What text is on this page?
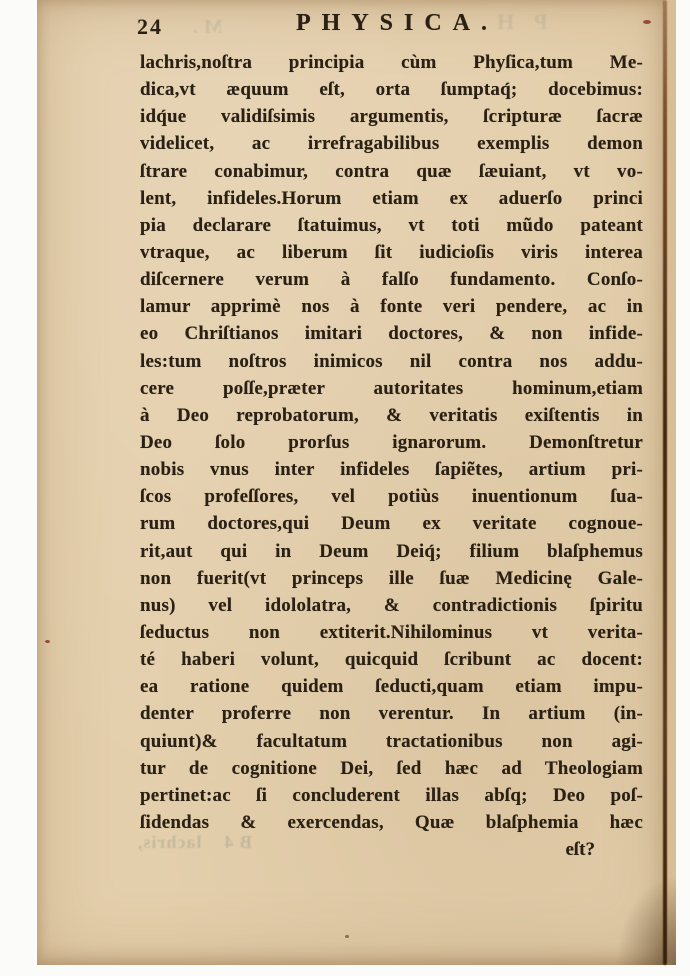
24 M.	PHYSICA.
PH
lachris,noſtra principia cùm Phyſica,tum Me-
dica,vt æquum eſt, orta ſumptaq́; docebimus:
idq́ue validiſsimis argumentis, ſcripturæ ſacræ
videlicet, ac irrefragabilibus exemplis demon
ſtrare conabimur, contra quæ ſæuiant, vt vo-
lent, infideles.Horum etiam ex aduerſo princi
pia declarare ſtatuimus, vt toti mũdo pateant
vtraque, ac liberum ſit iudicioſis viris interea
diſcernere verum à falſo fundamento. Conſo-
lamur apprimè nos à fonte veri pendere, ac in
eo Chriſtianos imitari doctores, & non infide-
les:tum noſtros inimicos nil contra nos addu-
cere poſſe,præter autoritates hominum,etiam
à Deo reprobatorum, & veritatis exiſtentis in
Deo ſolo prorſus ignarorum. Demonſtretur
nobis vnus inter infideles ſapiẽtes, artium pri-
ſcos profeſſores, vel potiùs inuentionum ſua-
rum doctores,qui Deum ex veritate cognoue-
rit,aut qui in Deum Deiq́; filium blaſphemus
non fuerit(vt princeps ille ſuæ Medicinę Gale-
nus) vel idololatra, & contradictionis ſpiritu
ſeductus non extiterit.Nihilominus vt verita-
té haberi volunt, quicquid ſcribunt ac docent:
ea ratione quidem ſeducti,quam etiam impu-
denter proferre non verentur. In artium (in-
quiunt)& facultatum tractationibus non agi-
tur de cognitione Dei, ſed hæc ad Theologiam
pertinet:ac ſi concluderent illas abſq; Deo poſ-
ſidendas & exercendas, Quæ blaſphemia hæc
eſt?
B 4    lachris,
